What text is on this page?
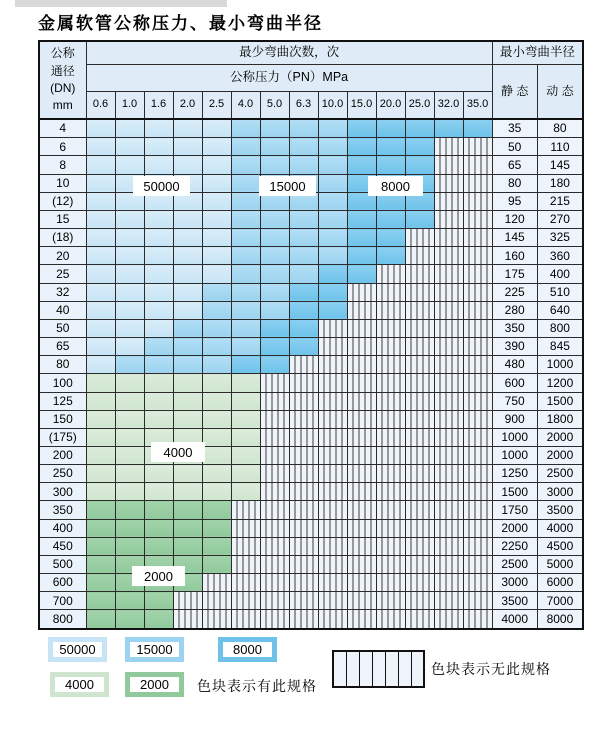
金属软管公称压力、最小弯曲半径
公称
通径
(DN)
mm	最少弯曲次数，次														最小弯曲半径	
	公称压力（PN）MPa														静 态	动 态
	0.6	1.0	1.6	2.0	2.5	4.0	5.0	6.3	10.0	15.0	20.0	25.0	32.0	35.0		
4															35	80
6															50	110
8															65	145
10															80	180
(12)															95	215
15															120	270
(18)															145	325
20															160	360
25															175	400
32															225	510
40															280	640
50															350	800
65															390	845
80															480	1000
100															600	1200
125															750	1500
150															900	1800
(175)															1000	2000
200															1000	2000
250															1250	2500
300															1500	3000
350															1750	3500
400															2000	4000
450															2250	4500
500															2500	5000
600															3000	6000
700															3500	7000
800															4000	8000
50000	15000	8000
4000
2000
色块表示无此规格
色块表示有此规格
50000	15000	8000
4000	2000
